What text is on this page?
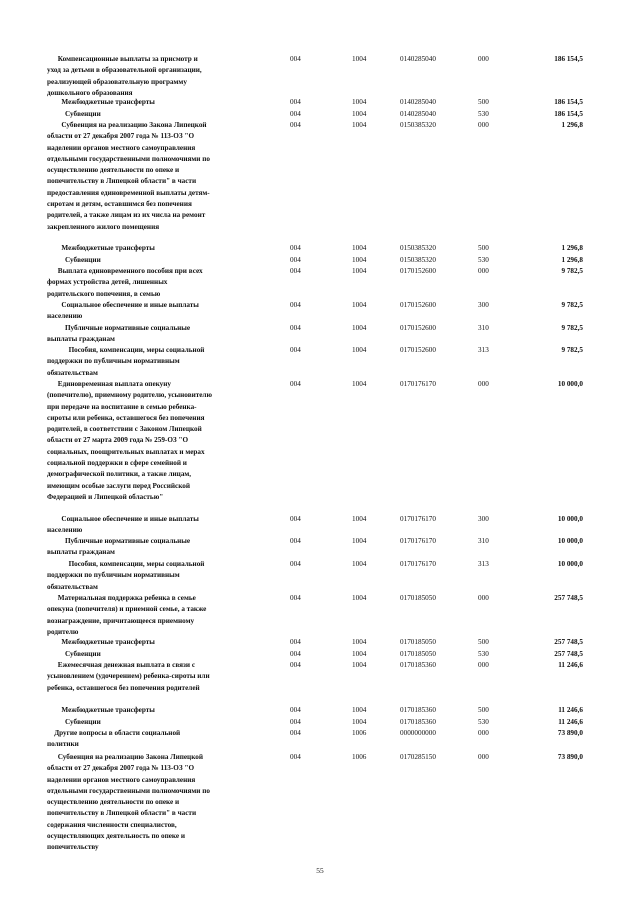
Компенсационные выплаты за присмотр и
уход за детьми в образовательной организации,
реализующей образовательную программу
дошкольного образования
004	1004	0140285040	000	186 154,5
Межбюджетные трансферты	004	1004	0140285040	500	186 154,5
Субвенции	004	1004	0140285040	530	186 154,5
Субвенция на реализацию Закона Липецкой
области от 27 декабря 2007 года № 113-ОЗ "О
наделении органов местного самоуправления
отдельными государственными полномочиями по
осуществлению деятельности по опеке и
попечительству в Липецкой области" в части
предоставления единовременной выплаты детям-
сиротам и детям, оставшимся без попечения
родителей, а также лицам из их числа на ремонт
закрепленного жилого помещения
004	1004	0150385320	000	1 296,8
Межбюджетные трансферты	004	1004	0150385320	500	1 296,8
Субвенции	004	1004	0150385320	530	1 296,8
Выплата единовременного пособия при всех
формах устройства детей, лишенных
родительского попечения, в семью
004	1004	0170152600	000	9 782,5
Социальное обеспечение и иные выплаты
населению
004	1004	0170152600	300	9 782,5
Публичные нормативные социальные
выплаты гражданам
004	1004	0170152600	310	9 782,5
Пособия, компенсации, меры социальной
поддержки по публичным нормативным
обязательствам
004	1004	0170152600	313	9 782,5
Единовременная выплата опекуну
(попечителю), приемному родителю, усыновителю
при передаче на воспитание в семью ребенка-
сироты или ребенка, оставшегося без попечения
родителей, в соответствии с Законом Липецкой
области от 27 марта 2009 года № 259-ОЗ "О
социальных, поощрительных выплатах и мерах
социальной поддержки в сфере семейной и
демографической политики, а также лицам,
имеющим особые заслуги перед Российской
Федерацией и Липецкой областью"
004	1004	0170176170	000	10 000,0
Социальное обеспечение и иные выплаты
населению
004	1004	0170176170	300	10 000,0
Публичные нормативные социальные
выплаты гражданам
004	1004	0170176170	310	10 000,0
Пособия, компенсации, меры социальной
поддержки по публичным нормативным
обязательствам
004	1004	0170176170	313	10 000,0
Материальная поддержка ребенка в семье
опекуна (попечителя) и приемной семье, а также
вознаграждение, причитающееся приемному
родителю
004	1004	0170185050	000	257 748,5
Межбюджетные трансферты	004	1004	0170185050	500	257 748,5
Субвенции	004	1004	0170185050	530	257 748,5
Ежемесячная денежная выплата в связи с
усыновлением (удочерением) ребенка-сироты или
ребенка, оставшегося без попечения родителей
004	1004	0170185360	000	11 246,6
Межбюджетные трансферты	004	1004	0170185360	500	11 246,6
Субвенции	004	1004	0170185360	530	11 246,6
Другие вопросы в области социальной
политики
004	1006	0000000000	000	73 890,0
Субвенция на реализацию Закона Липецкой
области от 27 декабря 2007 года № 113-ОЗ "О
наделении органов местного самоуправления
отдельными государственными полномочиями по
осуществлению деятельности по опеке и
попечительству в Липецкой области" в части
содержания численности специалистов,
осуществляющих деятельность по опеке и
попечительству
004	1006	0170285150	000	73 890,0
55
